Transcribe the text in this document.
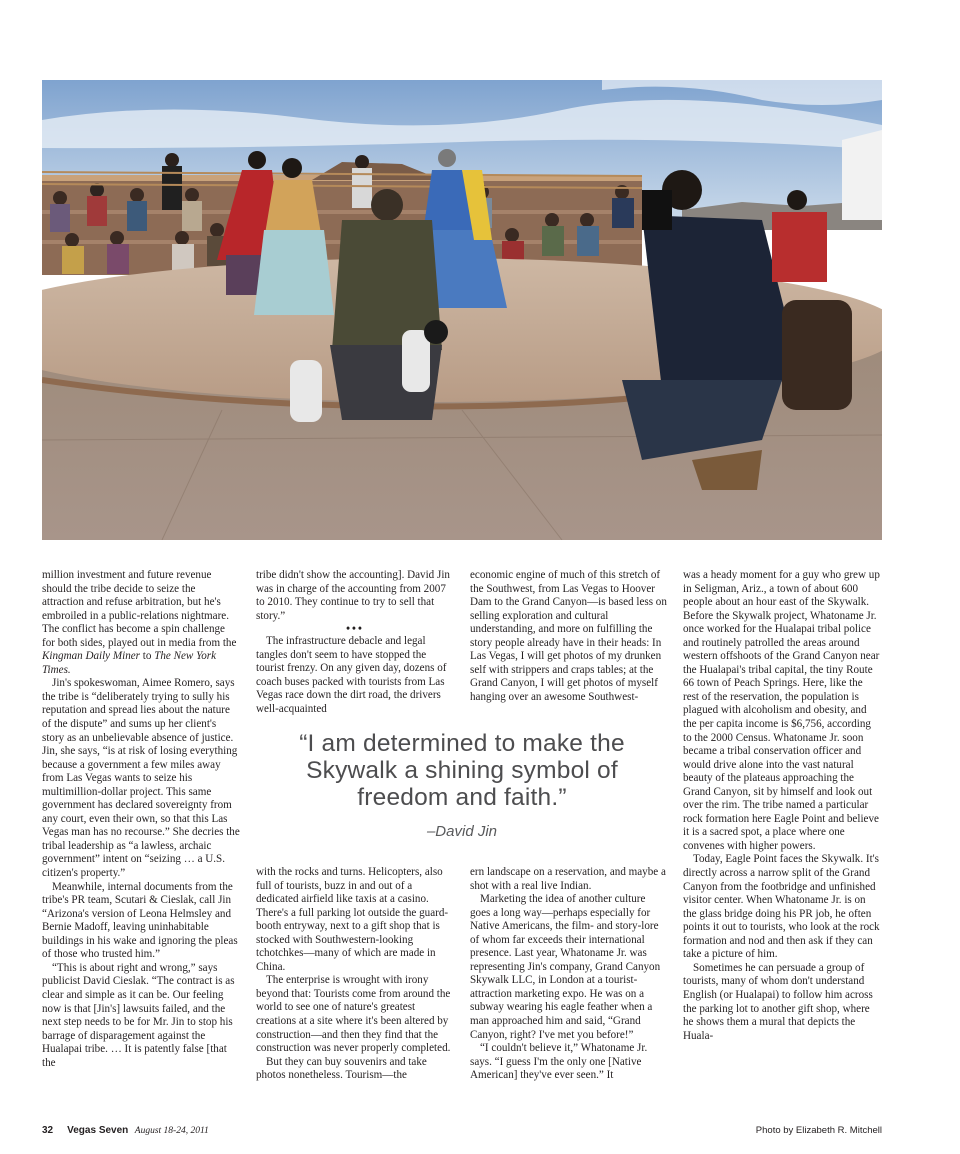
million investment and future revenue should the tribe decide to seize the attraction and refuse arbitration, but he's embroiled in a public-relations nightmare. The conflict has become a spin challenge for both sides, played out in media from the Kingman Daily Miner to The New York Times.

Jin's spokeswoman, Aimee Romero, says the tribe is “deliberately trying to sully his reputation and spread lies about the nature of the dispute” and sums up her client's story as an unbelievable absence of justice. Jin, she says, “is at risk of losing everything because a government a few miles away from Las Vegas wants to seize his multimillion-dollar project. This same government has declared sovereignty from any court, even their own, so that this Las Vegas man has no recourse.” She decries the tribal leadership as “a lawless, archaic government” intent on “seizing … a U.S. citizen's property.”

Meanwhile, internal documents from the tribe's PR team, Scutari & Cieslak, call Jin “Arizona's version of Leona Helmsley and Bernie Madoff, leaving uninhabitable buildings in his wake and ignoring the pleas of those who trusted him.”

“This is about right and wrong,” says publicist David Cieslak. “The contract is as clear and simple as it can be. Our feeling now is that [Jin's] lawsuits failed, and the next step needs to be for Mr. Jin to stop his barrage of disparagement against the Hualapai tribe. … It is patently false [that the

tribe didn't show the accounting]. David Jin was in charge of the accounting from 2007 to 2010. They continue to try to sell that story.”

•••

The infrastructure debacle and legal tangles don't seem to have stopped the tourist frenzy. On any given day, dozens of coach buses packed with tourists from Las Vegas race down the dirt road, the drivers well-acquainted

economic engine of much of this stretch of the Southwest, from Las Vegas to Hoover Dam to the Grand Canyon—is based less on selling exploration and cultural understanding, and more on fulfilling the story people already have in their heads: In Las Vegas, I will get photos of my drunken self with strippers and craps tables; at the Grand Canyon, I will get photos of myself hanging over an awesome Southwest-

“I am determined to make the Skywalk a shining symbol of freedom and faith.”
–David Jin

with the rocks and turns. Helicopters, also full of tourists, buzz in and out of a dedicated airfield like taxis at a casino. There's a full parking lot outside the guard-booth entryway, next to a gift shop that is stocked with Southwestern-looking tchotchkes—many of which are made in China.

The enterprise is wrought with irony beyond that: Tourists come from around the world to see one of nature's greatest creations at a site where it's been altered by construction—and then they find that the construction was never properly completed.

But they can buy souvenirs and take photos nonetheless. Tourism—the

ern landscape on a reservation, and maybe a shot with a real live Indian.

Marketing the idea of another culture goes a long way—perhaps especially for Native Americans, the film- and story-lore of whom far exceeds their international presence. Last year, Whatoname Jr. was representing Jin's company, Grand Canyon Skywalk LLC, in London at a tourist-attraction marketing expo. He was on a subway wearing his eagle feather when a man approached him and said, “Grand Canyon, right? I've met you before!”

“I couldn't believe it,” Whatoname Jr. says. “I guess I'm the only one [Native American] they've ever seen.” It

was a heady moment for a guy who grew up in Seligman, Ariz., a town of about 600 people about an hour east of the Skywalk. Before the Skywalk project, Whatoname Jr. once worked for the Hualapai tribal police and routinely patrolled the areas around western offshoots of the Grand Canyon near the Hualapai's tribal capital, the tiny Route 66 town of Peach Springs. Here, like the rest of the reservation, the population is plagued with alcoholism and obesity, and the per capita income is $6,756, according to the 2000 Census. Whatoname Jr. soon became a tribal conservation officer and would drive alone into the vast natural beauty of the plateaus approaching the Grand Canyon, sit by himself and look out over the rim. The tribe named a particular rock formation here Eagle Point and believe it is a sacred spot, a place where one convenes with higher powers.

Today, Eagle Point faces the Skywalk. It's directly across a narrow split of the Grand Canyon from the footbridge and unfinished visitor center. When Whatoname Jr. is on the glass bridge doing his PR job, he often points it out to tourists, who look at the rock formation and nod and then ask if they can take a picture of him.

Sometimes he can persuade a group of tourists, many of whom don't understand English (or Hualapai) to follow him across the parking lot to another gift shop, where he shows them a mural that depicts the Huala-

32 Vegas Seven August 18-24, 2011	Photo by Elizabeth R. Mitchell
